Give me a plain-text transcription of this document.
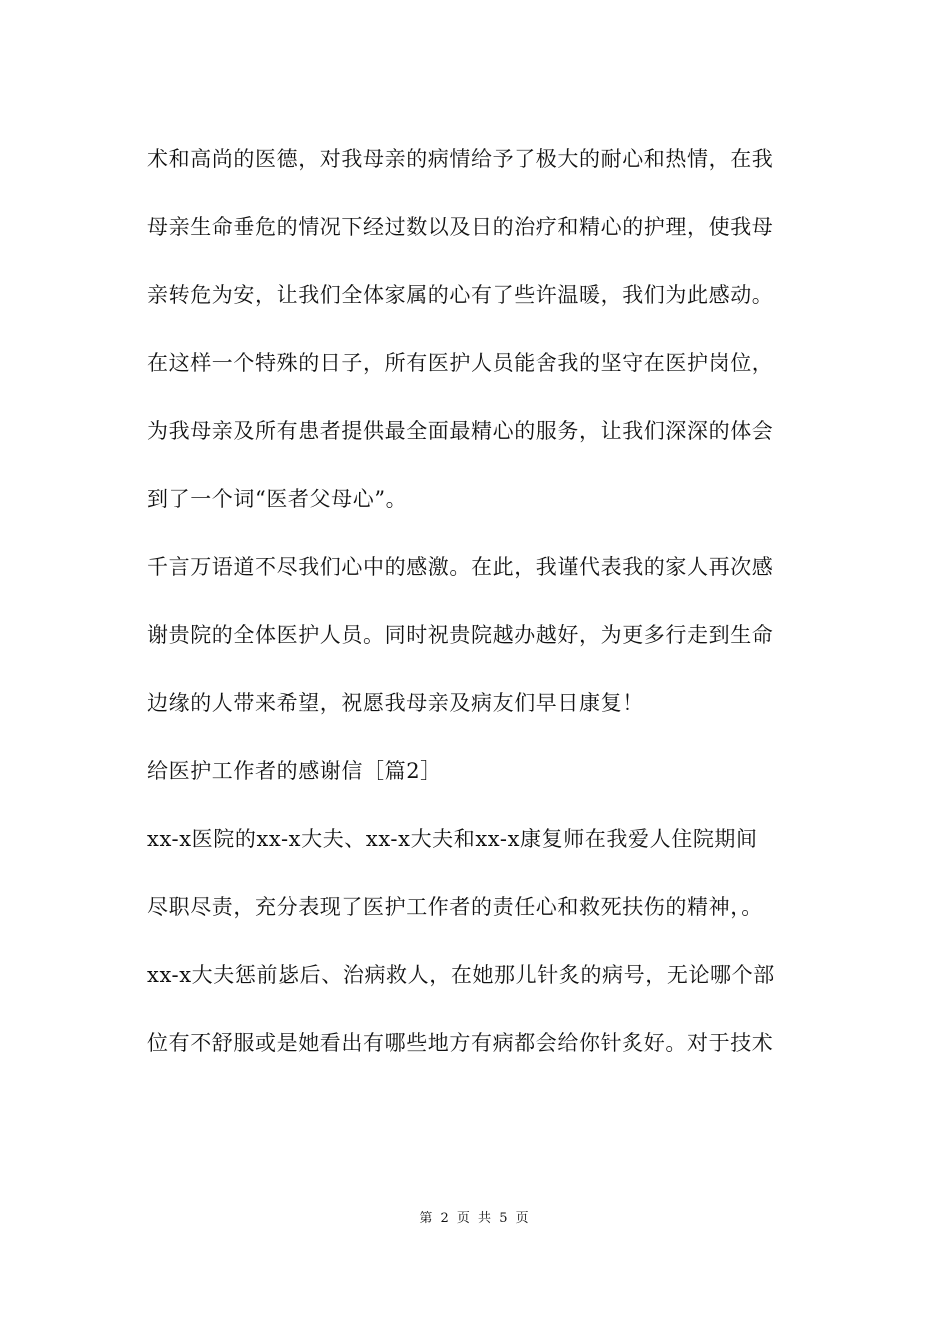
术和高尚的医德，对我母亲的病情给予了极大的耐心和热情，在我
母亲生命垂危的情况下经过数以及日的治疗和精心的护理，使我母
亲转危为安，让我们全体家属的心有了些许温暖，我们为此感动。
在这样一个特殊的日子，所有医护人员能舍我的坚守在医护岗位，
为我母亲及所有患者提供最全面最精心的服务，让我们深深的体会
到了一个词“医者父母心”。
千言万语道不尽我们心中的感激。在此，我谨代表我的家人再次感
谢贵院的全体医护人员。同时祝贵院越办越好，为更多行走到生命
边缘的人带来希望，祝愿我母亲及病友们早日康复！
给医护工作者的感谢信［篇2］
xx-x医院的xx-x大夫、xx-x大夫和xx-x康复师在我爱人住院期间
尽职尽责，充分表现了医护工作者的责任心和救死扶伤的精神，。
xx-x大夫惩前毖后、治病救人，在她那儿针炙的病号，无论哪个部
位有不舒服或是她看出有哪些地方有病都会给你针炙好。对于技术
第 2 页 共 5 页
